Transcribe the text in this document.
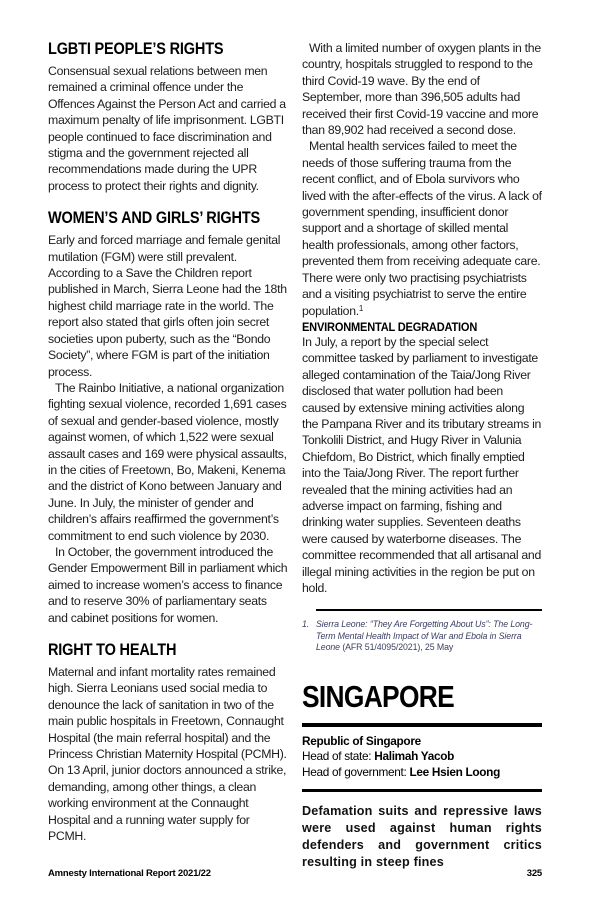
LGBTI PEOPLE’S RIGHTS

Consensual sexual relations between men remained a criminal offence under the Offences Against the Person Act and carried a maximum penalty of life imprisonment. LGBTI people continued to face discrimination and stigma and the government rejected all recommendations made during the UPR process to protect their rights and dignity.

WOMEN’S AND GIRLS’ RIGHTS

Early and forced marriage and female genital mutilation (FGM) were still prevalent. According to a Save the Children report published in March, Sierra Leone had the 18th highest child marriage rate in the world. The report also stated that girls often join secret societies upon puberty, such as the “Bondo Society”, where FGM is part of the initiation process.

The Rainbo Initiative, a national organization fighting sexual violence, recorded 1,691 cases of sexual and gender-based violence, mostly against women, of which 1,522 were sexual assault cases and 169 were physical assaults, in the cities of Freetown, Bo, Makeni, Kenema and the district of Kono between January and June. In July, the minister of gender and children’s affairs reaffirmed the government’s commitment to end such violence by 2030.

In October, the government introduced the Gender Empowerment Bill in parliament which aimed to increase women’s access to finance and to reserve 30% of parliamentary seats and cabinet positions for women.

RIGHT TO HEALTH

Maternal and infant mortality rates remained high. Sierra Leonians used social media to denounce the lack of sanitation in two of the main public hospitals in Freetown, Connaught Hospital (the main referral hospital) and the Princess Christian Maternity Hospital (PCMH). On 13 April, junior doctors announced a strike, demanding, among other things, a clean working environment at the Connaught Hospital and a running water supply for PCMH.

With a limited number of oxygen plants in the country, hospitals struggled to respond to the third Covid-19 wave. By the end of September, more than 396,505 adults had received their first Covid-19 vaccine and more than 89,902 had received a second dose.

Mental health services failed to meet the needs of those suffering trauma from the recent conflict, and of Ebola survivors who lived with the after-effects of the virus. A lack of government spending, insufficient donor support and a shortage of skilled mental health professionals, among other factors, prevented them from receiving adequate care. There were only two practising psychiatrists and a visiting psychiatrist to serve the entire population.$^1$

ENVIRONMENTAL DEGRADATION

In July, a report by the special select committee tasked by parliament to investigate alleged contamination of the Taia/Jong River disclosed that water pollution had been caused by extensive mining activities along the Pampana River and its tributary streams in Tonkolili District, and Hugy River in Valunia Chiefdom, Bo District, which finally emptied into the Taia/Jong River. The report further revealed that the mining activities had an adverse impact on farming, fishing and drinking water supplies. Seventeen deaths were caused by waterborne diseases. The committee recommended that all artisanal and illegal mining activities in the region be put on hold.

1. Sierra Leone: “They Are Forgetting About Us”: The Long-Term Mental Health Impact of War and Ebola in Sierra Leone (AFR 51/4095/2021), 25 May
SINGAPORE
Republic of Singapore
Head of state: Halimah Yacob
Head of government: Lee Hsien Loong

Defamation suits and repressive laws were used against human rights defenders and government critics resulting in steep fines

Amnesty International Report 2021/22	325
